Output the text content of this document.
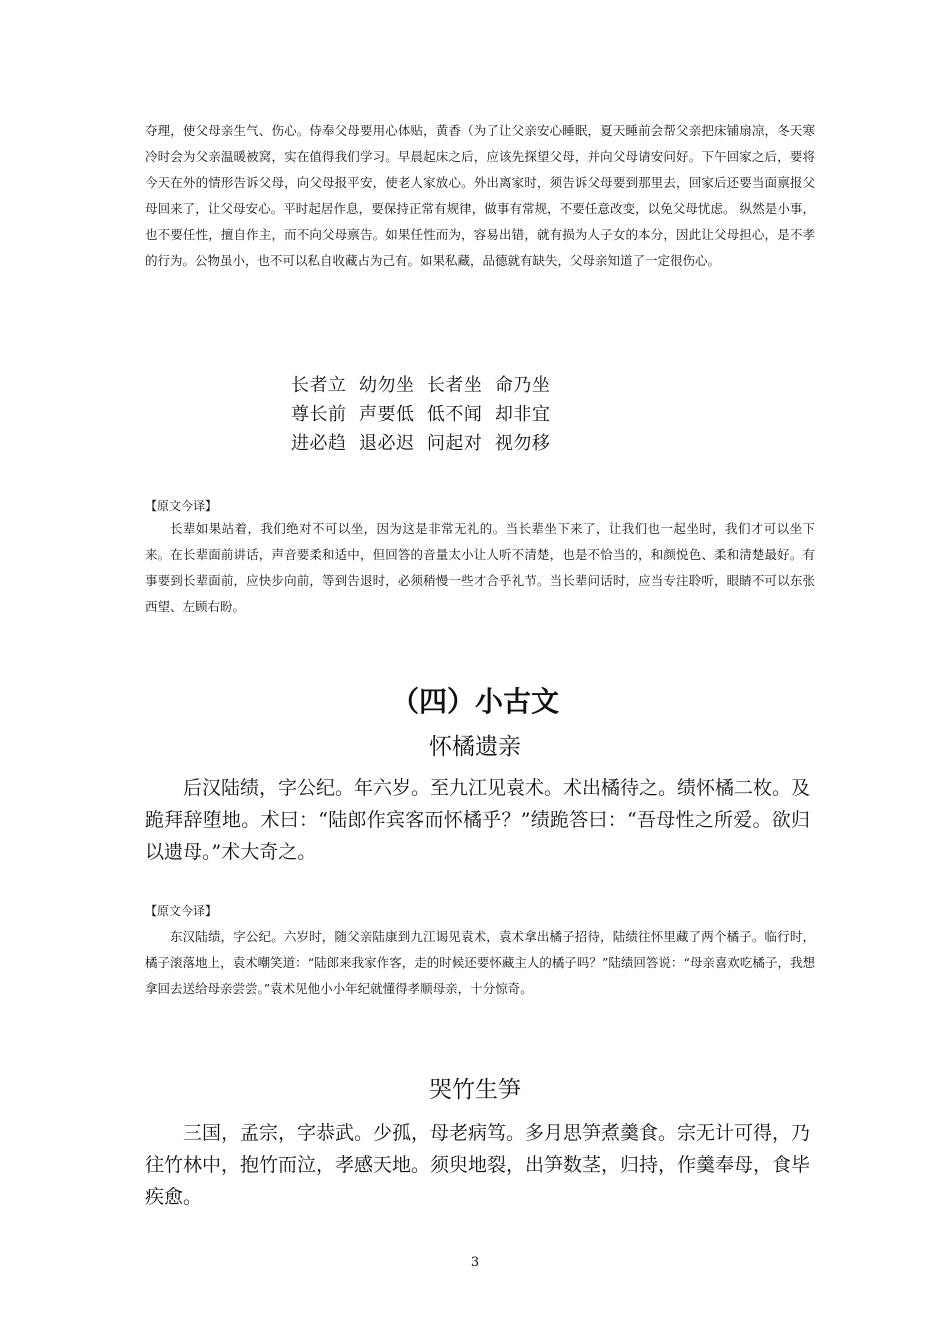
夺理，使父母亲生气、伤心。侍奉父母要用心体贴，黄香（为了让父亲安心睡眠，夏天睡前会帮父亲把床铺扇凉，冬天寒冷时会为父亲温暖被窝，实在值得我们学习。早晨起床之后，应该先探望父母，并向父母请安问好。下午回家之后，要将今天在外的情形告诉父母，向父母报平安，使老人家放心。外出离家时，须告诉父母要到那里去，回家后还要当面禀报父母回来了，让父母安心。平时起居作息，要保持正常有规律，做事有常规，不要任意改变，以免父母忧虑。 纵然是小事，也不要任性，擅自作主，而不向父母禀告。如果任性而为，容易出错，就有损为人子女的本分，因此让父母担心，是不孝的行为。公物虽小，也不可以私自收藏占为己有。如果私藏，品德就有缺失，父母亲知道了一定很伤心。

长者立  幼勿坐  长者坐  命乃坐
尊长前  声要低  低不闻  却非宜
进必趋  退必迟  问起对  视勿移
【原文今译】

长辈如果站着，我们绝对不可以坐，因为这是非常无礼的。当长辈坐下来了，让我们也一起坐时，我们才可以坐下来。在长辈面前讲话，声音要柔和适中，但回答的音量太小让人听不清楚，也是不恰当的，和颜悦色、柔和清楚最好。有事要到长辈面前，应快步向前，等到告退时，必须稍慢一些才合乎礼节。当长辈问话时，应当专注聆听，眼睛不可以东张西望、左顾右盼。

（四）小古文
怀橘遗亲

后汉陆绩，字公纪。年六岁。至九江见袁术。术出橘待之。绩怀橘二枚。及跪拜辞堕地。术曰：“陆郎作宾客而怀橘乎？”绩跪答曰：“吾母性之所爱。欲归以遗母。”术大奇之。

【原文今译】

东汉陆绩，字公纪。六岁时，随父亲陆康到九江谒见袁术，袁术拿出橘子招待，陆绩往怀里藏了两个橘子。临行时，橘子滚落地上，袁术嘲笑道：“陆郎来我家作客，走的时候还要怀藏主人的橘子吗？”陆绩回答说：“母亲喜欢吃橘子，我想拿回去送给母亲尝尝。”袁术见他小小年纪就懂得孝顺母亲，十分惊奇。

哭竹生笋

三国，孟宗，字恭武。少孤，母老病笃。多月思笋煮羹食。宗无计可得，乃往竹林中，抱竹而泣，孝感天地。须臾地裂，出笋数茎，归持，作羹奉母，食毕疾愈。

3
